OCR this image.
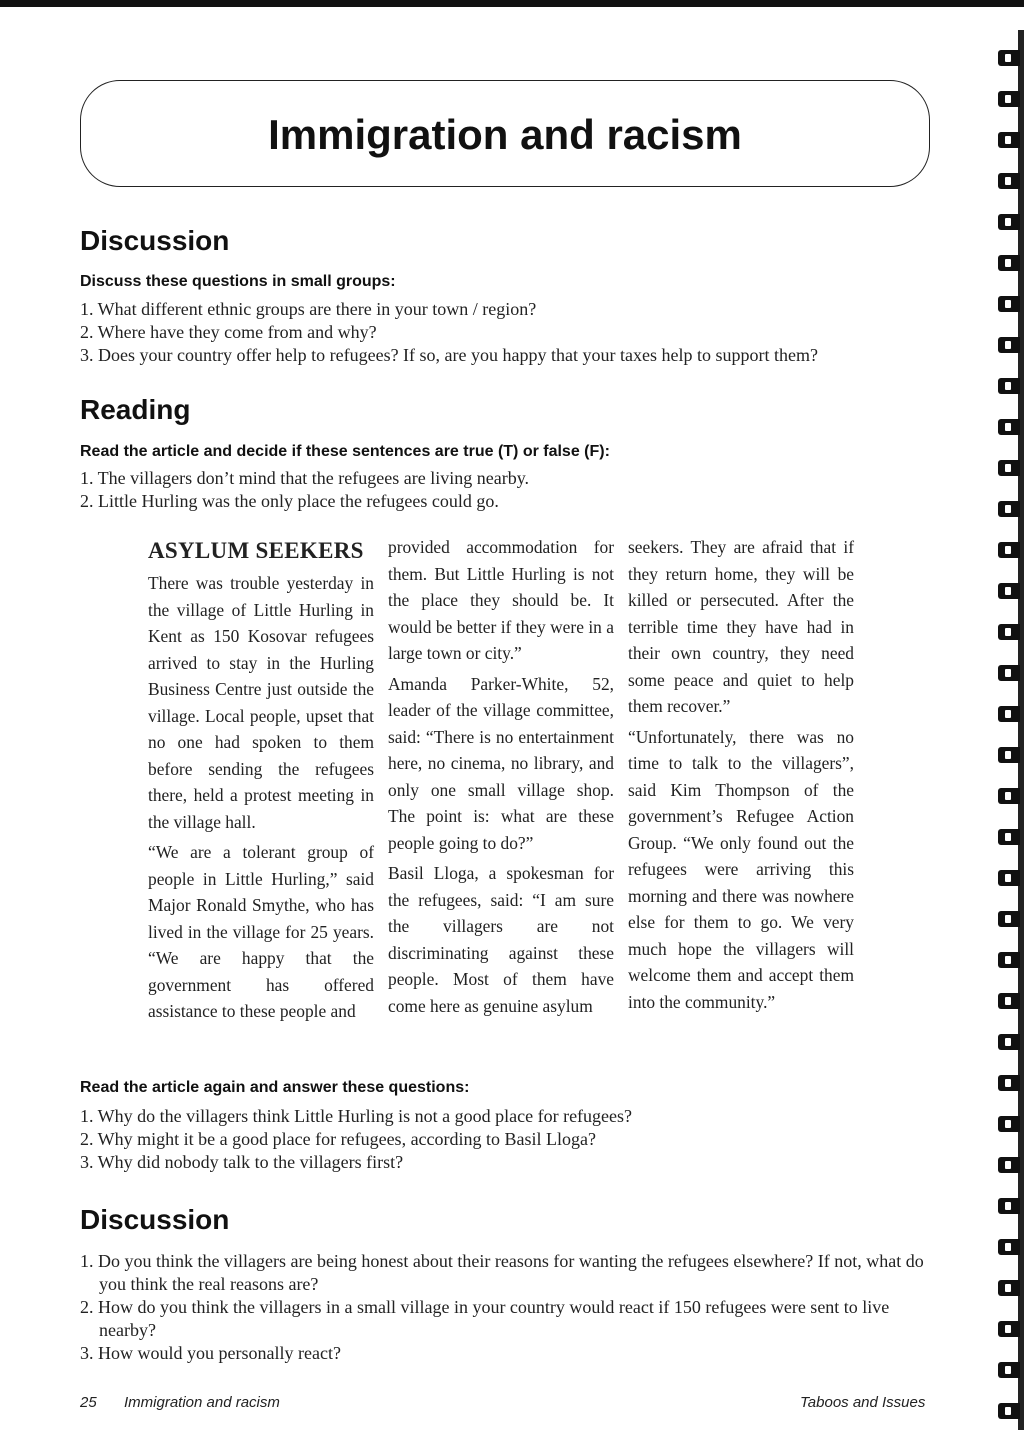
Immigration and racism
Discussion

Discuss these questions in small groups:

1. What different ethnic groups are there in your town / region?
2. Where have they come from and why?
3. Does your country offer help to refugees? If so, are you happy that your taxes help to support them?
Reading

Read the article and decide if these sentences are true (T) or false (F):

1. The villagers don’t mind that the refugees are living nearby.
2. Little Hurling was the only place the refugees could go.
ASYLUM SEEKERS

There was trouble yesterday in the village of Little Hurling in Kent as 150 Kosovar refugees arrived to stay in the Hurling Business Centre just outside the village. Local people, upset that no one had spoken to them before sending the refugees there, held a protest meeting in the village hall.

“We are a tolerant group of people in Little Hurling,” said Major Ronald Smythe, who has lived in the village for 25 years. “We are happy that the government has offered assistance to these people and

provided accommodation for them. But Little Hurling is not the place they should be. It would be better if they were in a large town or city.”

Amanda Parker-White, 52, leader of the village committee, said: “There is no entertainment here, no cinema, no library, and only one small village shop. The point is: what are these people going to do?”

Basil Lloga, a spokesman for the refugees, said: “I am sure the villagers are not discriminating against these people. Most of them have come here as genuine asylum

seekers. They are afraid that if they return home, they will be killed or persecuted. After the terrible time they have had in their own country, they need some peace and quiet to help them recover.”

“Unfortunately, there was no time to talk to the villagers”, said Kim Thompson of the government’s Refugee Action Group. “We only found out the refugees were arriving this morning and there was nowhere else for them to go. We very much hope the villagers will welcome them and accept them into the community.”

Read the article again and answer these questions:

1. Why do the villagers think Little Hurling is not a good place for refugees?
2. Why might it be a good place for refugees, according to Basil Lloga?
3. Why did nobody talk to the villagers first?
Discussion
1. Do you think the villagers are being honest about their reasons for wanting the refugees elsewhere? If not, what do you think the real reasons are?
2. How do you think the villagers in a small village in your country would react if 150 refugees were sent to live nearby?
3. How would you personally react?
25 Immigration and racism	Taboos and Issues
